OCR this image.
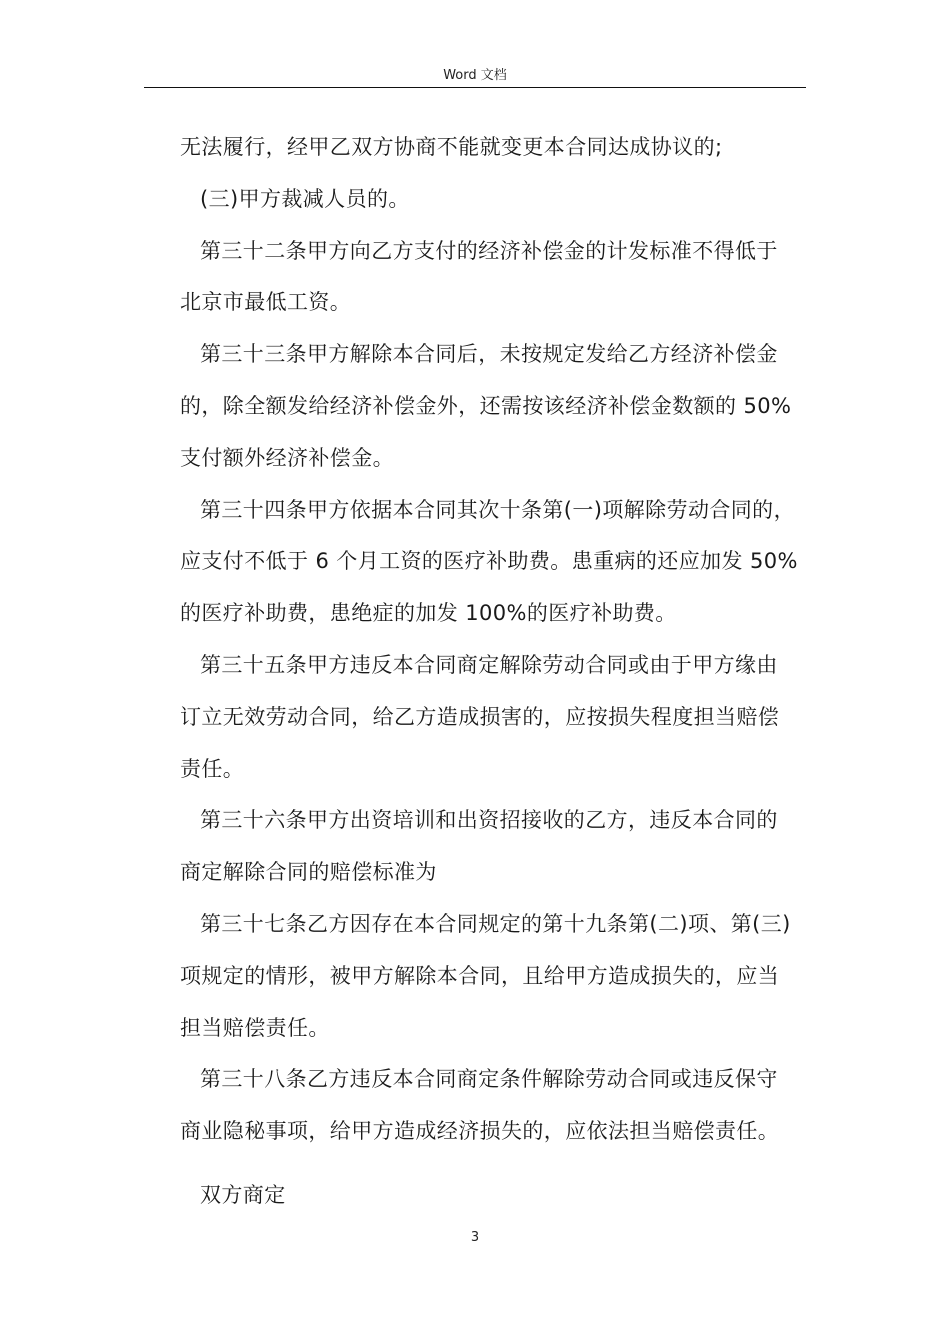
Word 文档

无法履行，经甲乙双方协商不能就变更本合同达成协议的;

(三)甲方裁减人员的。

第三十二条甲方向乙方支付的经济补偿金的计发标准不得低于

北京市最低工资。

第三十三条甲方解除本合同后，未按规定发给乙方经济补偿金

的，除全额发给经济补偿金外，还需按该经济补偿金数额的 50%

支付额外经济补偿金。

第三十四条甲方依据本合同其次十条第(一)项解除劳动合同的，

应支付不低于 6 个月工资的医疗补助费。患重病的还应加发 50%

的医疗补助费，患绝症的加发 100%的医疗补助费。

第三十五条甲方违反本合同商定解除劳动合同或由于甲方缘由

订立无效劳动合同，给乙方造成损害的，应按损失程度担当赔偿

责任。

第三十六条甲方出资培训和出资招接收的乙方，违反本合同的

商定解除合同的赔偿标准为

第三十七条乙方因存在本合同规定的第十九条第(二)项、第(三)

项规定的情形，被甲方解除本合同，且给甲方造成损失的，应当

担当赔偿责任。

第三十八条乙方违反本合同商定条件解除劳动合同或违反保守

商业隐秘事项，给甲方造成经济损失的，应依法担当赔偿责任。

双方商定
3
